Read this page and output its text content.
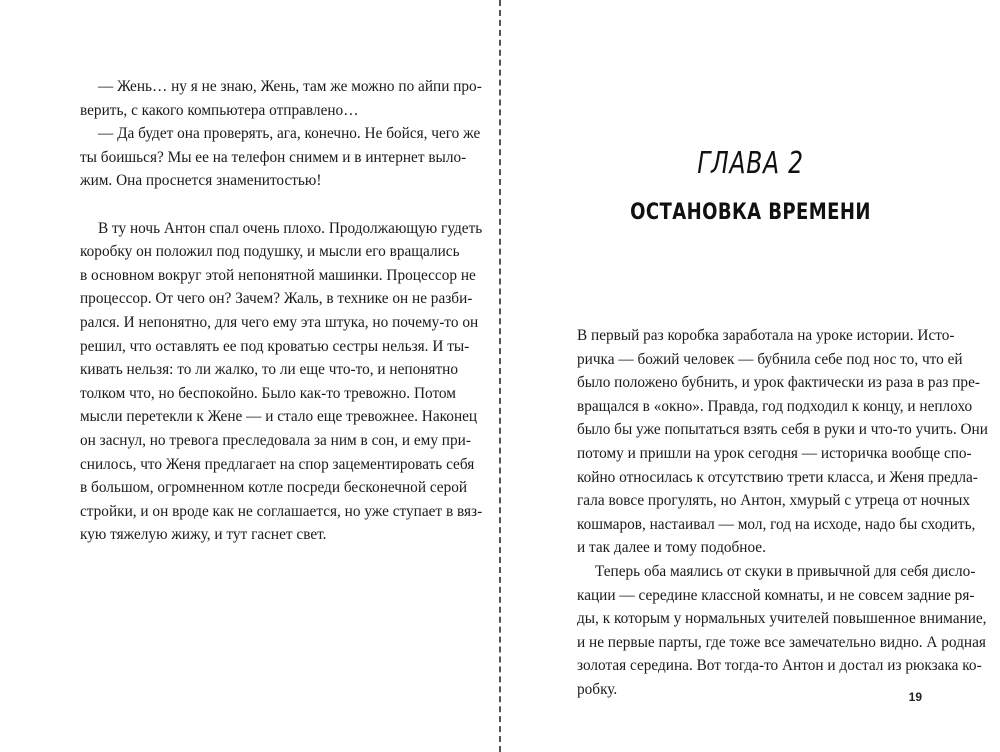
— Жень… ну я не знаю, Жень, там же можно по айпи про-
верить, с какого компьютера отправлено…

— Да будет она проверять, ага, конечно. Не бойся, чего же
ты боишься? Мы ее на телефон снимем и в интернет выло-
жим. Она проснется знаменитостью!

В ту ночь Антон спал очень плохо. Продолжающую гудеть
коробку он положил под подушку, и мысли его вращались
в основном вокруг этой непонятной машинки. Процессор не
процессор. От чего он? Зачем? Жаль, в технике он не разби-
рался. И непонятно, для чего ему эта штука, но почему-то он
решил, что оставлять ее под кроватью сестры нельзя. И ты-
кивать нельзя: то ли жалко, то ли еще что-то, и непонятно
толком что, но беспокойно. Было как-то тревожно. Потом
мысли перетекли к Жене — и стало еще тревожнее. Наконец
он заснул, но тревога преследовала за ним в сон, и ему при-
снилось, что Женя предлагает на спор зацементировать себя
в большом, огромненном котле посреди бесконечной серой
стройки, и он вроде как не соглашается, но уже ступает в вяз-
кую тяжелую жижу, и тут гаснет свет.

ГЛАВА 2
ОСТАНОВКА ВРЕМЕНИ

В первый раз коробка заработала на уроке истории. Исто-
ричка — божий человек — бубнила себе под нос то, что ей
было положено бубнить, и урок фактически из раза в раз пре-
вращался в «окно». Правда, год подходил к концу, и неплохо
было бы уже попытаться взять себя в руки и что-то учить. Они
потому и пришли на урок сегодня — историчка вообще спо-
койно относилась к отсутствию трети класса, и Женя предла-
гала вовсе прогулять, но Антон, хмурый с утреца от ночных
кошмаров, настаивал — мол, год на исходе, надо бы сходить,
и так далее и тому подобное.

Теперь оба маялись от скуки в привычной для себя дисло-
кации — середине классной комнаты, и не совсем задние ря-
ды, к которым у нормальных учителей повышенное внимание,
и не первые парты, где тоже все замечательно видно. А родная
золотая середина. Вот тогда-то Антон и достал из рюкзака ко-
робку.	19
